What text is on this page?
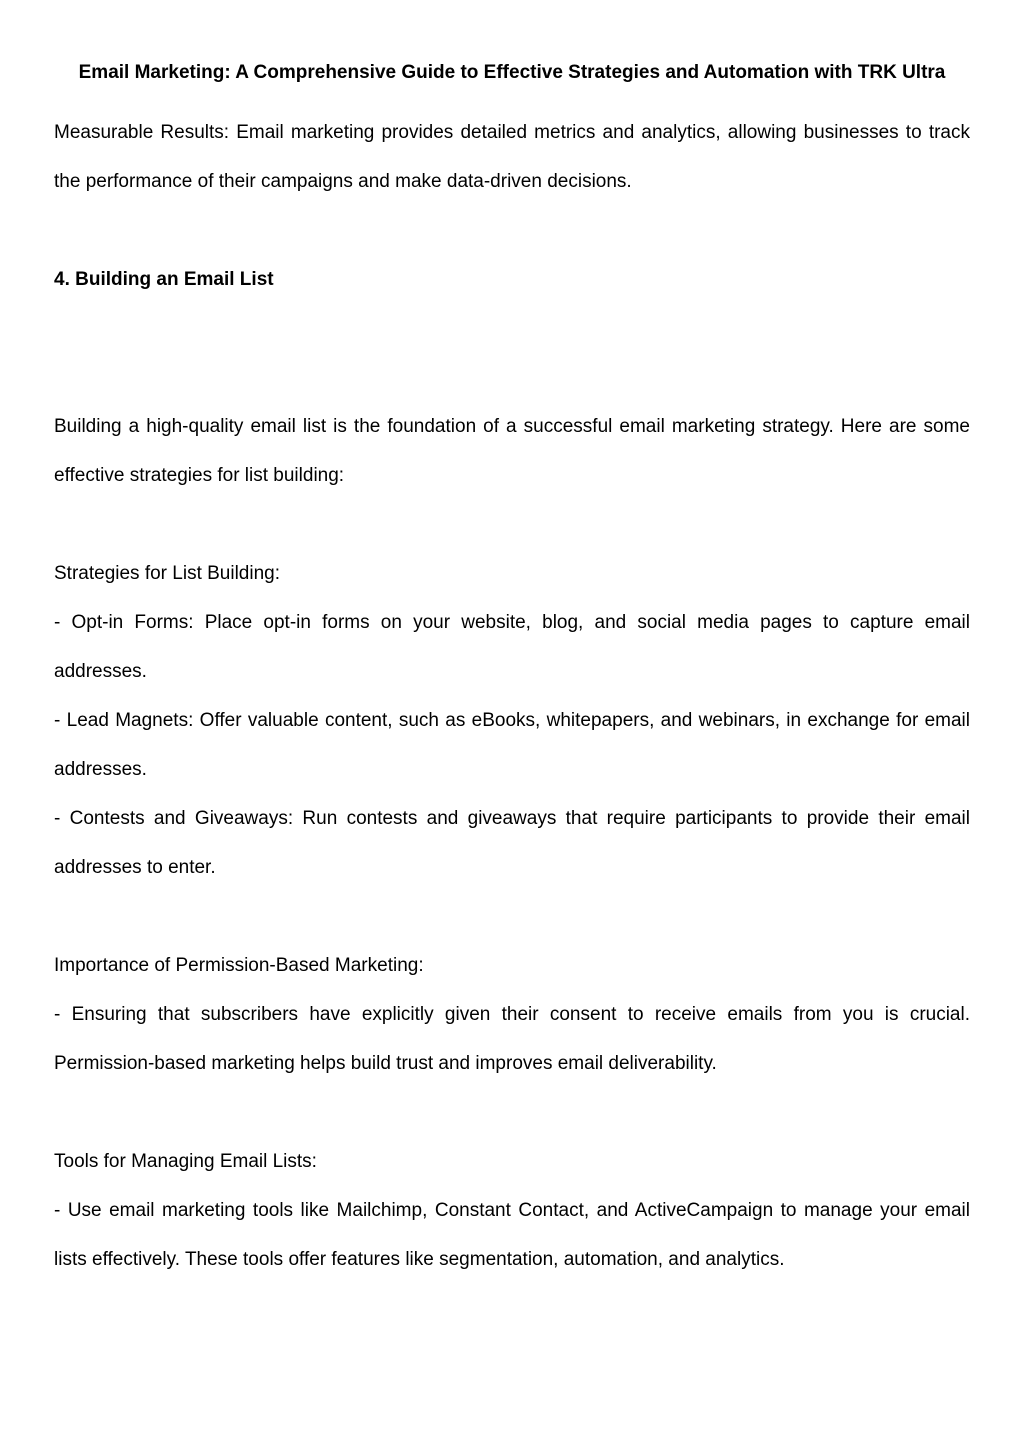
Email Marketing: A Comprehensive Guide to Effective Strategies and Automation with TRK Ultra

Measurable Results: Email marketing provides detailed metrics and analytics, allowing businesses to track the performance of their campaigns and make data-driven decisions.

4. Building an Email List

Building a high-quality email list is the foundation of a successful email marketing strategy. Here are some effective strategies for list building:

Strategies for List Building:

- Opt-in Forms: Place opt-in forms on your website, blog, and social media pages to capture email addresses.

- Lead Magnets: Offer valuable content, such as eBooks, whitepapers, and webinars, in exchange for email addresses.

- Contests and Giveaways: Run contests and giveaways that require participants to provide their email addresses to enter.

Importance of Permission-Based Marketing:

- Ensuring that subscribers have explicitly given their consent to receive emails from you is crucial. Permission-based marketing helps build trust and improves email deliverability.

Tools for Managing Email Lists:

- Use email marketing tools like Mailchimp, Constant Contact, and ActiveCampaign to manage your email lists effectively. These tools offer features like segmentation, automation, and analytics.
